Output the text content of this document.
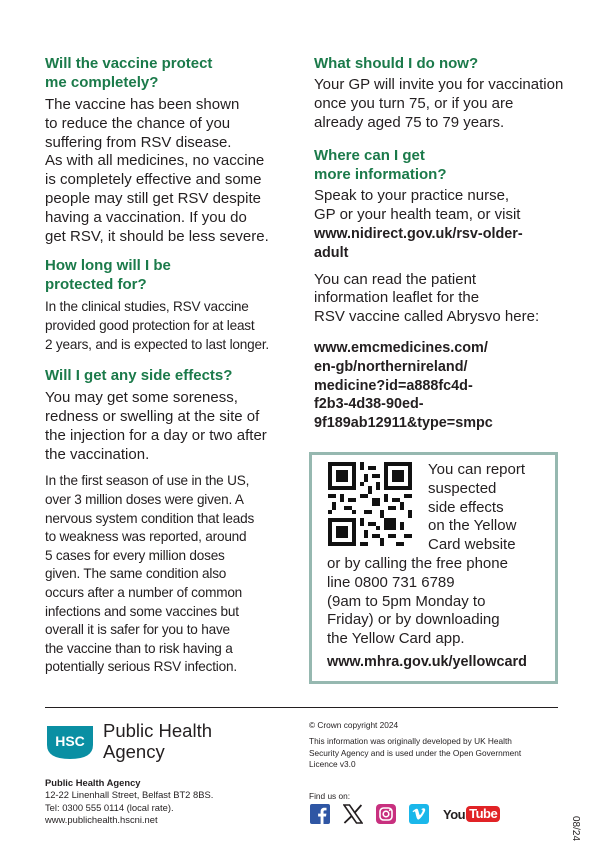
Will the vaccine protect
me completely?
The vaccine has been shown
to reduce the chance of you
suffering from RSV disease.
As with all medicines, no vaccine
is completely effective and some
people may still get RSV despite
having a vaccination. If you do
get RSV, it should be less severe.
How long will I be
protected for?
In the clinical studies, RSV vaccine
provided good protection for at least
2 years, and is expected to last longer.
Will I get any side effects?
You may get some soreness,
redness or swelling at the site of
the injection for a day or two after
the vaccination.
In the first season of use in the US,
over 3 million doses were given. A
nervous system condition that leads
to weakness was reported, around
5 cases for every million doses
given. The same condition also
occurs after a number of common
infections and some vaccines but
overall it is safer for you to have
the vaccine than to risk having a
potentially serious RSV infection.
What should I do now?
Your GP will invite you for vaccination
once you turn 75, or if you are
already aged 75 to 79 years.
Where can I get
more information?
Speak to your practice nurse,
GP or your health team, or visit
www.nidirect.gov.uk/rsv-older-
adult
You can read the patient
information leaflet for the
RSV vaccine called Abrysvo here:
www.emcmedicines.com/
en-gb/northernireland/
medicine?id=a888fc4d-
f2b3-4d38-90ed-
9f189ab12911&type=smpc
You can report
suspected
side effects
on the Yellow
Card website
or by calling the free phone
line 0800 731 6789
(9am to 5pm Monday to
Friday) or by downloading
the Yellow Card app.
www.mhra.gov.uk/yellowcard
HSC Public Health
Agency
Public Health Agency
12-22 Linenhall Street, Belfast BT2 8BS.
Tel: 0300 555 0114 (local rate).
www.publichealth.hscni.net
© Crown copyright 2024
This information was originally developed by UK Health
Security Agency and is used under the Open Government
Licence v3.0
Find us on:
You Tube
08/24
